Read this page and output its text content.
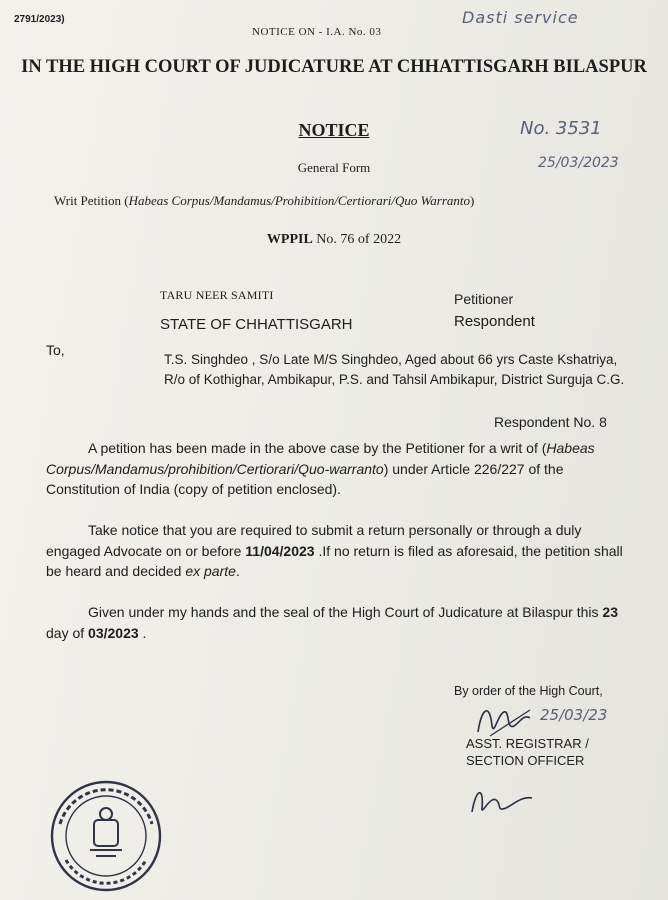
2791/2023)
NOTICE ON - I.A. No. 03
Dasti service
IN THE HIGH COURT OF JUDICATURE AT CHHATTISGARH BILASPUR
NOTICE	No. 3531
25/03/2023
General Form
Writ Petition (Habeas Corpus/Mandamus/Prohibition/Certiorari/Quo Warranto)
WPPIL No. 76 of 2022
TARU NEER SAMITI	Petitioner
STATE OF CHHATTISGARH	Respondent
To,
T.S. Singhdeo , S/o Late M/S Singhdeo, Aged about 66 yrs Caste Kshatriya, R/o of Kothighar, Ambikapur, P.S. and Tahsil Ambikapur, District Surguja C.G.
Respondent No. 8
A petition has been made in the above case by the Petitioner for a writ of (Habeas Corpus/Mandamus/prohibition/Certiorari/Quo-warranto) under Article 226/227 of the Constitution of India (copy of petition enclosed).
Take notice that you are required to submit a return personally or through a duly engaged Advocate on or before 11/04/2023 .If no return is filed as aforesaid, the petition shall be heard and decided ex parte.
Given under my hands and the seal of the High Court of Judicature at Bilaspur this 23 day of 03/2023 .
By order of the High Court,
25/03/23
ASST. REGISTRAR /
SECTION OFFICER
